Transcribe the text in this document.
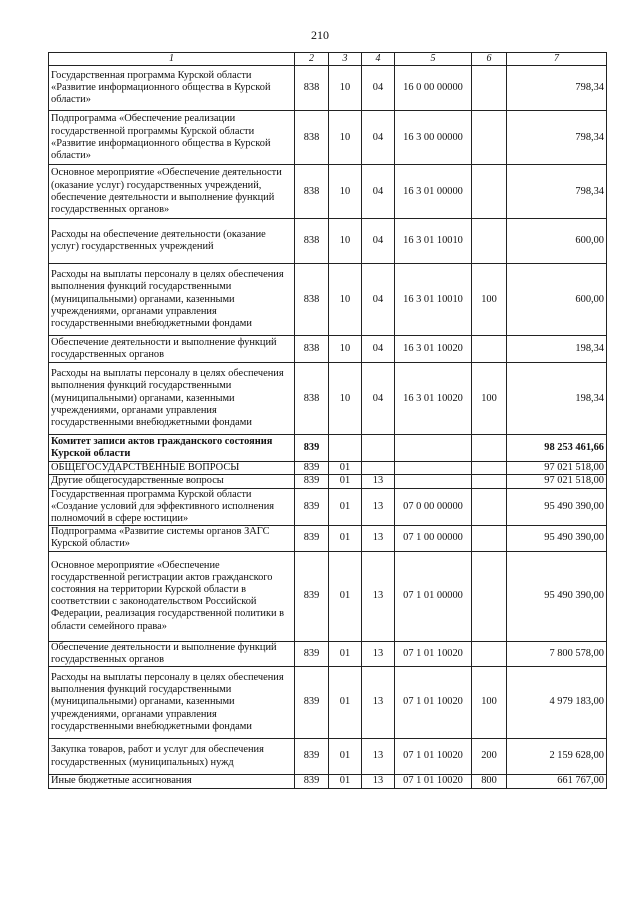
210
1	2	3	4	5	6	7
Государственная программа Курской области «Развитие информационного общества в Курской области»	838	10	04	16 0 00 00000		798,34
Подпрограмма «Обеспечение реализации государственной программы Курской области «Развитие информационного общества в Курской области»	838	10	04	16 3 00 00000		798,34
Основное мероприятие «Обеспечение деятельности (оказание услуг) государственных учреждений, обеспечение деятельности и выполнение функций государственных органов»	838	10	04	16 3 01 00000		798,34
Расходы на обеспечение деятельности (оказание услуг) государственных учреждений	838	10	04	16 3 01 10010		600,00
Расходы на выплаты персоналу в целях обеспечения выполнения функций государственными (муниципальными) органами, казенными учреждениями, органами управления государственными внебюджетными фондами	838	10	04	16 3 01 10010	100	600,00
Обеспечение деятельности и выполнение функций государственных органов	838	10	04	16 3 01 10020		198,34
Расходы на выплаты персоналу в целях обеспечения выполнения функций государственными (муниципальными) органами, казенными учреждениями, органами управления государственными внебюджетными фондами	838	10	04	16 3 01 10020	100	198,34
Комитет записи актов гражданского состояния Курской области	839					98 253 461,66
ОБЩЕГОСУДАРСТВЕННЫЕ ВОПРОСЫ	839	01				97 021 518,00
Другие общегосударственные вопросы	839	01	13			97 021 518,00
Государственная программа Курской области «Создание условий для эффективного исполнения полномочий в сфере юстиции»	839	01	13	07 0 00 00000		95 490 390,00
Подпрограмма «Развитие системы органов ЗАГС Курской области»	839	01	13	07 1 00 00000		95 490 390,00
Основное мероприятие «Обеспечение государственной регистрации актов гражданского состояния на территории Курской области в соответствии с законодательством Российской Федерации, реализация государственной политики в области семейного права»	839	01	13	07 1 01 00000		95 490 390,00
Обеспечение деятельности и выполнение функций государственных органов	839	01	13	07 1 01 10020		7 800 578,00
Расходы на выплаты персоналу в целях обеспечения выполнения функций государственными (муниципальными) органами, казенными учреждениями, органами управления государственными внебюджетными фондами	839	01	13	07 1 01 10020	100	4 979 183,00
Закупка товаров, работ и услуг для обеспечения государственных (муниципальных) нужд	839	01	13	07 1 01 10020	200	2 159 628,00
Иные бюджетные ассигнования	839	01	13	07 1 01 10020	800	661 767,00
